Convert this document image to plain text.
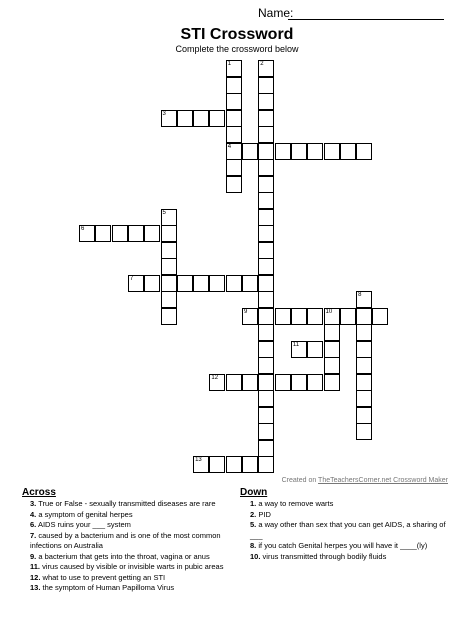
Name:
STI Crossword
Complete the crossword below
1
4
2
3
5
6
7
8
9	10
11
12
13
Created on TheTeachersCorner.net Crossword Maker
Across	Down

3. True or False - sexually transmitted diseases are rare

4. a symptom of genital herpes

6. AIDS ruins your ___ system

7. caused by a bacterium and is one of the most common infections on Australia

9. a bacterium that gets into the throat, vagina or anus

11. virus caused by visible or invisible warts in pubic areas

12. what to use to prevent getting an STI

13. the symptom of Human Papilloma Virus

1. a way to remove warts

2. PID

5. a way other than sex that you can get AIDS, a sharing of ___

8. if you catch Genital herpes you will have it ____(ly)

10. virus transmitted through bodily fluids
